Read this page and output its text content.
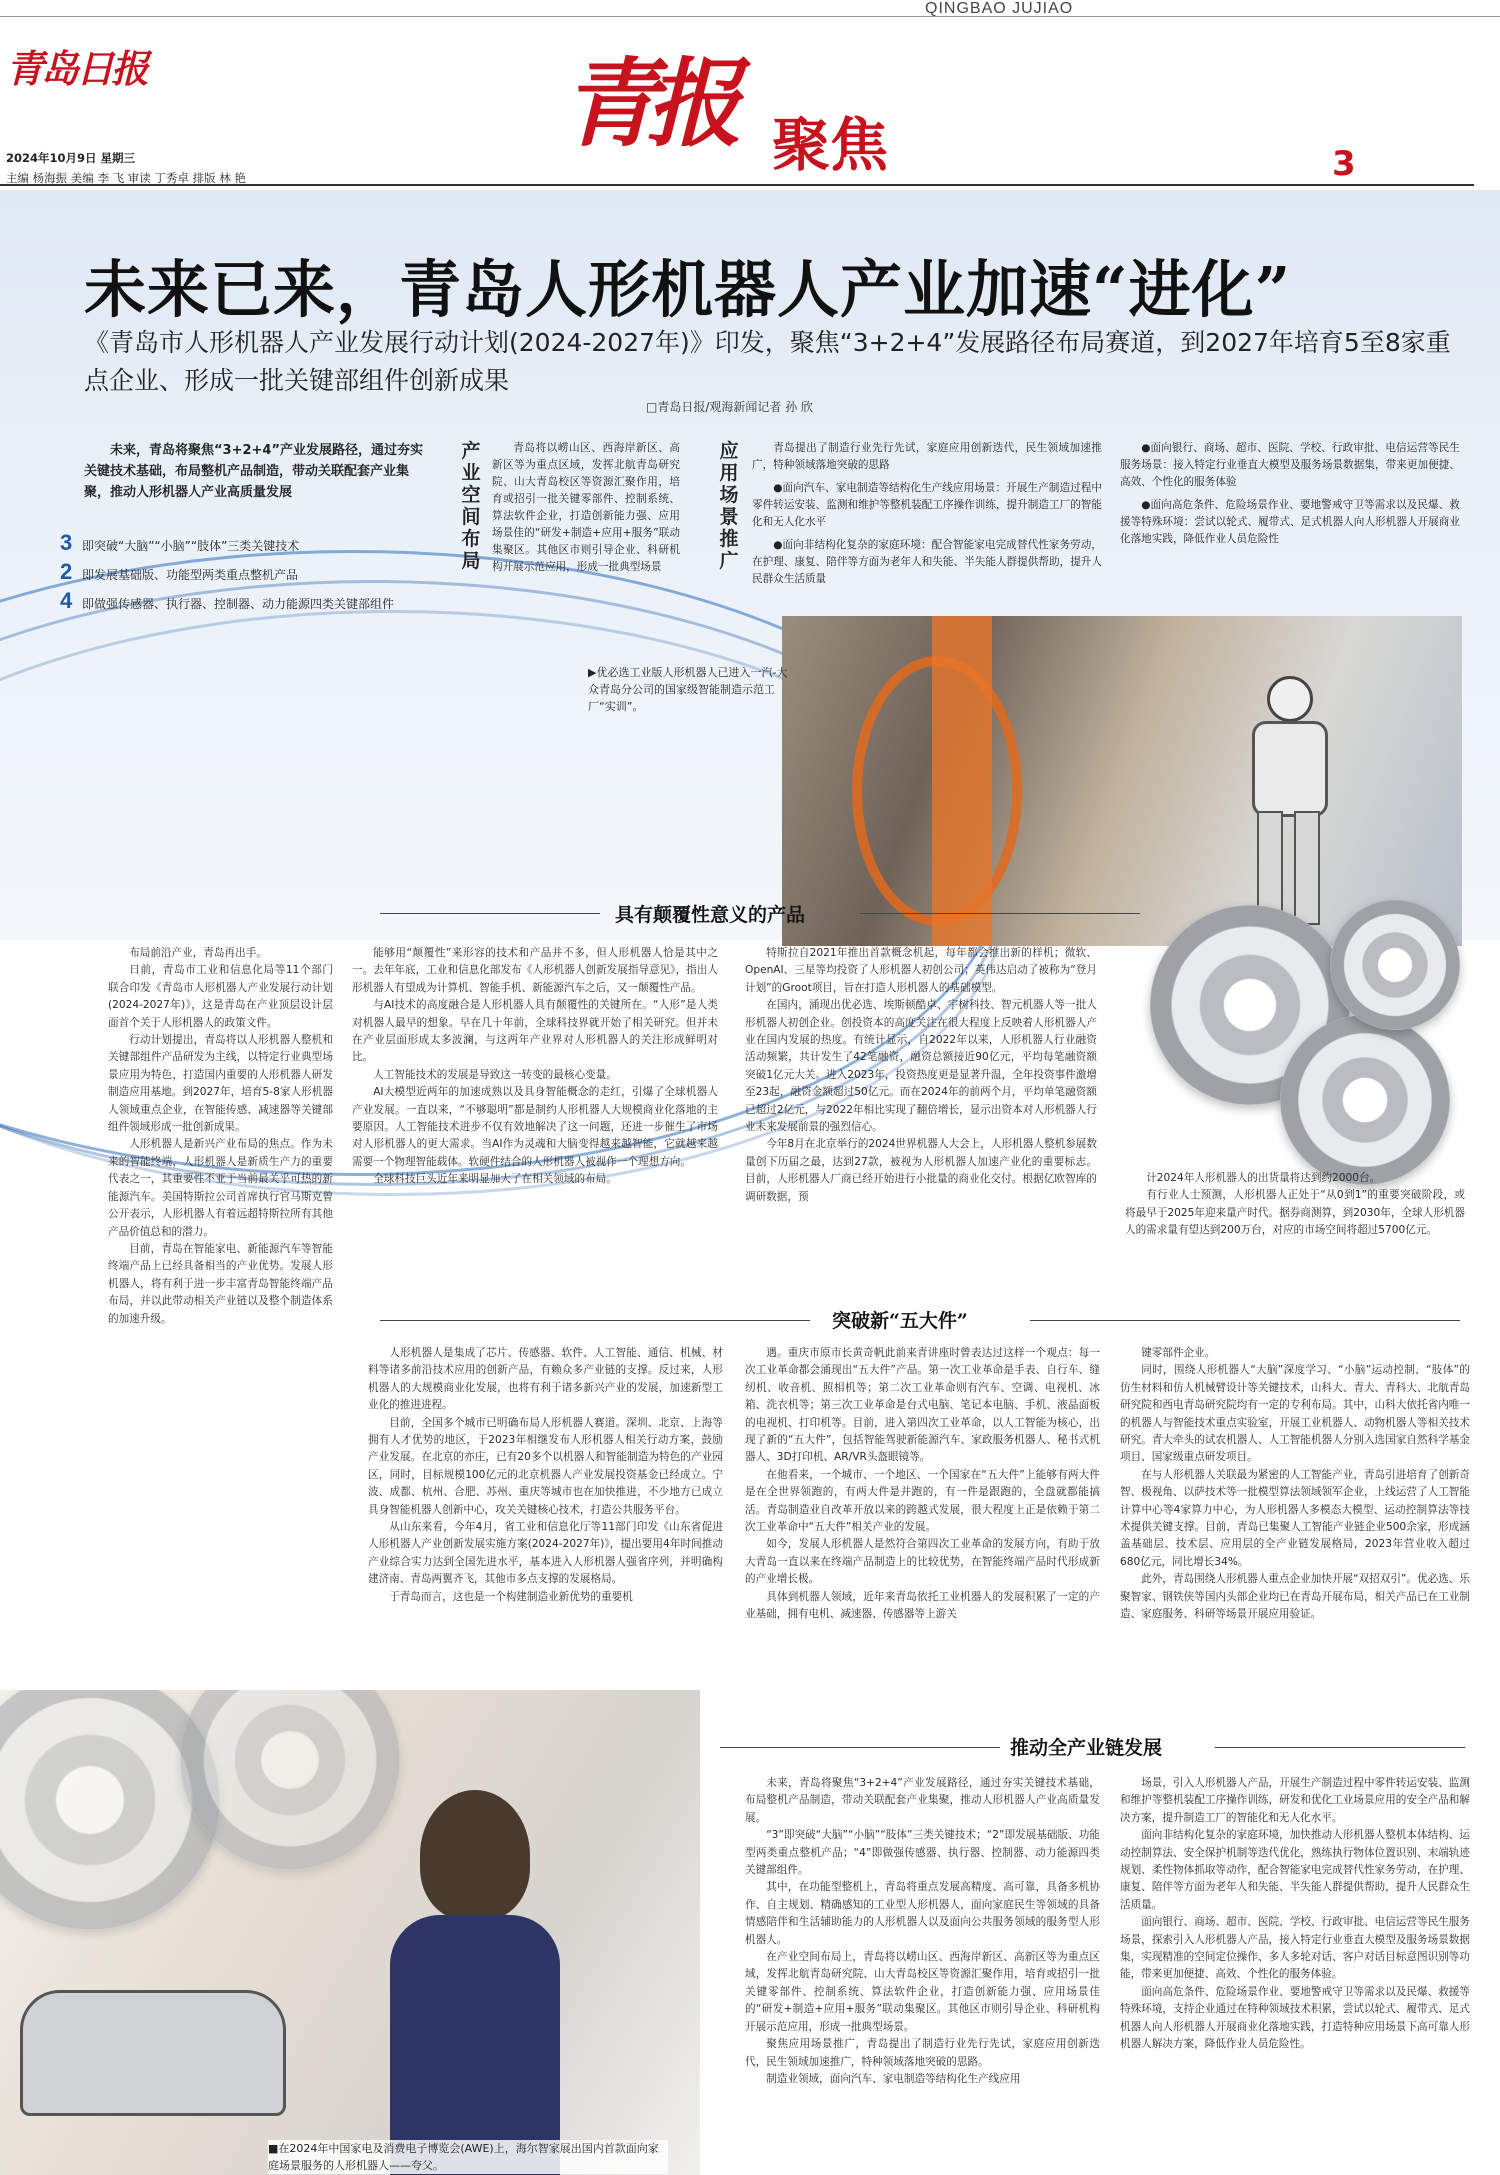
QINGBAO JUJIAO
青岛日报	青报 聚焦
2024年10月9日 星期三
主编 杨海振 美编 李 飞 审读 丁秀卓 排版 林 艳	3
未来已来，青岛人形机器人产业加速“进化”
《青岛市人形机器人产业发展行动计划(2024-2027年)》印发，聚焦“3+2+4”发展路径布局赛道，到2027年培育5至8家重点企业、形成一批关键部组件创新成果
□青岛日报/观海新闻记者 孙 欣
未来，青岛将聚焦“3+2+4”产业发展路径，通过夯实关键技术基础，布局整机产品制造，带动关联配套产业集聚，推动人形机器人产业高质量发展
3 即突破“大脑”“小脑”“肢体”三类关键技术
2 即发展基础版、功能型两类重点整机产品
4 即做强传感器、执行器、控制器、动力能源四类关键部组件
产业空间布局
青岛将以崂山区、西海岸新区、高新区等为重点区域，发挥北航青岛研究院、山大青岛校区等资源汇聚作用，培育或招引一批关键零部件、控制系统、算法软件企业，打造创新能力强、应用场景佳的“研发+制造+应用+服务”联动集聚区。其他区市则引导企业、科研机构开展示范应用，形成一批典型场景
应用场景推广
青岛提出了制造行业先行先试，家庭应用创新迭代，民生领域加速推广，特种领域落地突破的思路
●面向汽车、家电制造等结构化生产线应用场景：开展生产制造过程中零件转运安装、监测和维护等整机装配工序操作训练，提升制造工厂的智能化和无人化水平
●面向非结构化复杂的家庭环境：配合智能家电完成替代性家务劳动，在护理、康复、陪伴等方面为老年人和失能、半失能人群提供帮助，提升人民群众生活质量
●面向银行、商场、超市、医院、学校、行政审批、电信运营等民生服务场景：接入特定行业垂直大模型及服务场景数据集，带来更加便捷、高效、个性化的服务体验
●面向高危条件、危险场景作业、要地警戒守卫等需求以及民爆、救援等特殊环境：尝试以轮式、履带式、足式机器人向人形机器人开展商业化落地实践，降低作业人员危险性
▶优必选工业版人形机器人已进入一汽-大众青岛分公司的国家级智能制造示范工厂“实训”。
具有颠覆性意义的产品

布局前沿产业，青岛再出手。

日前，青岛市工业和信息化局等11个部门联合印发《青岛市人形机器人产业发展行动计划(2024-2027年)》，这是青岛在产业顶层设计层面首个关于人形机器人的政策文件。

行动计划提出，青岛将以人形机器人整机和关键部组件产品研发为主线，以特定行业典型场景应用为特色，打造国内重要的人形机器人研发制造应用基地。到2027年，培育5-8家人形机器人领域重点企业，在智能传感、减速器等关键部组件领域形成一批创新成果。

人形机器人是新兴产业布局的焦点。作为未来的智能终端，人形机器人是新质生产力的重要代表之一，其重要性不亚于当前最关乎可热的新能源汽车。美国特斯拉公司首席执行官马斯克曾公开表示，人形机器人有着远超特斯拉所有其他产品价值总和的潜力。

目前，青岛在智能家电、新能源汽车等智能终端产品上已经具备相当的产业优势。发展人形机器人，将有利于进一步丰富青岛智能终端产品布局，并以此带动相关产业链以及整个制造体系的加速升级。

能够用“颠覆性”来形容的技术和产品并不多，但人形机器人恰是其中之一。去年年底，工业和信息化部发布《人形机器人创新发展指导意见》，指出人形机器人有望成为计算机、智能手机、新能源汽车之后，又一颠覆性产品。

与AI技术的高度融合是人形机器人具有颠覆性的关键所在。“人形”是人类对机器人最早的想象。早在几十年前，全球科技界就开始了相关研究。但并未在产业层面形成太多波澜，与这两年产业界对人形机器人的关注形成鲜明对比。

人工智能技术的发展是导致这一转变的最核心变量。

AI大模型近两年的加速成熟以及具身智能概念的走红，引爆了全球机器人产业发展。一直以来，“不够聪明”都是制约人形机器人大规模商业化落地的主要原因。人工智能技术进步不仅有效地解决了这一问题，还进一步催生了市场对人形机器人的更大需求。当AI作为灵魂和大脑变得越来越智能，它就越来越需要一个物理智能载体。软硬件结合的人形机器人被视作一个理想方向。

全球科技巨头近年来明显加大了在相关领域的布局。

特斯拉自2021年推出首款概念机起，每年都会推出新的样机；微软、OpenAI、三星等均投资了人形机器人初创公司；英伟达启动了被称为“登月计划”的Groot项目，旨在打造人形机器人的基础模型。

在国内，涌现出优必选、埃斯顿酷卓、宇树科技、智元机器人等一批人形机器人初创企业。创投资本的高度关注在很大程度上反映着人形机器人产业在国内发展的热度。有统计显示，自2022年以来，人形机器人行业融资活动频繁，共计发生了42笔融资，融资总额接近90亿元，平均每笔融资额突破1亿元大关。进入2023年，投资热度更是显著升温，全年投资事件激增至23起，融资金额超过50亿元。而在2024年的前两个月，平均单笔融资额已超过2亿元，与2022年相比实现了翻倍增长，显示出资本对人形机器人行业未来发展前景的强烈信心。

今年8月在北京举行的2024世界机器人大会上，人形机器人整机参展数量创下历届之最，达到27款，被视为人形机器人加速产业化的重要标志。目前，人形机器人厂商已经开始进行小批量的商业化交付。根据亿欧智库的调研数据，预

计2024年人形机器人的出货量将达到约2000台。

有行业人士预测，人形机器人正处于“从0到1”的重要突破阶段，或将最早于2025年迎来量产时代。据券商测算，到2030年，全球人形机器人的需求量有望达到200万台，对应的市场空间将超过5700亿元。

突破新“五大件”

人形机器人是集成了芯片、传感器、软件、人工智能、通信、机械、材料等诸多前沿技术应用的创新产品，有赖众多产业链的支撑。反过来，人形机器人的大规模商业化发展，也将有利于诸多新兴产业的发展，加速新型工业化的推进进程。

目前，全国多个城市已明确布局人形机器人赛道。深圳、北京、上海等拥有人才优势的地区，于2023年相继发布人形机器人相关行动方案，鼓励产业发展。在北京的亦庄，已有20多个以机器人和智能制造为特色的产业园区，同时，目标规模100亿元的北京机器人产业发展投资基金已经成立。宁波、成都、杭州、合肥、苏州、重庆等城市也在加快推进，不少地方已成立具身智能机器人创新中心，攻关关键核心技术，打造公共服务平台。

从山东来看，今年4月，省工业和信息化厅等11部门印发《山东省促进人形机器人产业创新发展实施方案(2024-2027年)》，提出要用4年时间推动产业综合实力达到全国先进水平，基本进入人形机器人强省序列，并明确构建济南、青岛两翼齐飞，其他市多点支撑的发展格局。

于青岛而言，这也是一个构建制造业新优势的重要机

遇。重庆市原市长黄奇帆此前来青讲座时曾表达过这样一个观点：每一次工业革命都会涌现出“五大件”产品。第一次工业革命是手表、自行车、缝纫机、收音机、照相机等；第二次工业革命则有汽车、空调、电视机、冰箱、洗衣机等；第三次工业革命是台式电脑、笔记本电脑、手机、液晶面板的电视机、打印机等。目前，进入第四次工业革命，以人工智能为核心，出现了新的“五大件”，包括智能驾驶新能源汽车、家政服务机器人、秘书式机器人、3D打印机、AR/VR头盔眼镜等。

在他看来，一个城市、一个地区、一个国家在“五大件”上能够有两大件是在全世界领跑的，有两大件是并跑的，有一件是跟跑的，全盘就都能搞活。青岛制造业自改革开放以来的跨越式发展，很大程度上正是依赖于第二次工业革命中“五大件”相关产业的发展。

如今，发展人形机器人是然符合第四次工业革命的发展方向，有助于放大青岛一直以来在终端产品制造上的比较优势，在智能终端产品时代形成新的产业增长极。

具体到机器人领域，近年来青岛依托工业机器人的发展积累了一定的产业基础，拥有电机、减速器、传感器等上游关

键零部件企业。

同时，围绕人形机器人“大脑”深度学习、“小脑”运动控制、“肢体”的仿生材料和仿人机械臂设计等关键技术，山科大、青大、青科大、北航青岛研究院和西电青岛研究院均有一定的专利布局。其中，山科大依托省内唯一的机器人与智能技术重点实验室，开展工业机器人、动物机器人等相关技术研究。青大牵头的试农机器人、人工智能机器人分别入选国家自然科学基金项目、国家级重点研发项目。

在与人形机器人关联最为紧密的人工智能产业，青岛引进培育了创新奇智、极视角、以萨技术等一批模型算法领域领军企业，上线运营了人工智能计算中心等4家算力中心，为人形机器人多模态大模型、运动控制算法等技术提供关键支撑。目前，青岛已集聚人工智能产业链企业500余家，形成涵盖基础层、技术层、应用层的全产业链发展格局，2023年营业收入超过680亿元，同比增长34%。

此外，青岛围绕人形机器人重点企业加快开展“双招双引”。优必选、乐聚智家、钢铁侠等国内头部企业均已在青岛开展布局，相关产品已在工业制造、家庭服务、科研等场景开展应用验证。

■在2024年中国家电及消费电子博览会(AWE)上，海尔智家展出国内首款面向家庭场景服务的人形机器人——夸父。
推动全产业链发展

未来，青岛将聚焦“3+2+4”产业发展路径，通过夯实关键技术基础，布局整机产品制造，带动关联配套产业集聚，推动人形机器人产业高质量发展。

“3”即突破“大脑”“小脑”“肢体”三类关键技术；“2”即发展基础版、功能型两类重点整机产品；“4”即做强传感器、执行器、控制器、动力能源四类关键部组件。

其中，在功能型整机上，青岛将重点发展高精度、高可靠，具备多机协作、自主规划、精确感知的工业型人形机器人，面向家庭民生等领域的具备情感陪伴和生活辅助能力的人形机器人以及面向公共服务领域的服务型人形机器人。

在产业空间布局上，青岛将以崂山区、西海岸新区、高新区等为重点区域，发挥北航青岛研究院、山大青岛校区等资源汇聚作用，培育或招引一批关键零部件、控制系统、算法软件企业，打造创新能力强、应用场景佳的“研发+制造+应用+服务”联动集聚区。其他区市则引导企业、科研机构开展示范应用，形成一批典型场景。

聚焦应用场景推广，青岛提出了制造行业先行先试，家庭应用创新迭代，民生领域加速推广，特种领域落地突破的思路。

制造业领域，面向汽车、家电制造等结构化生产线应用

场景，引入人形机器人产品，开展生产制造过程中零件转运安装、监测和维护等整机装配工序操作训练，研发和优化工业场景应用的安全产品和解决方案，提升制造工厂的智能化和无人化水平。

面向非结构化复杂的家庭环境，加快推动人形机器人整机本体结构、运动控制算法、安全保护机制等迭代优化，熟练执行物体位置识别、末端轨迹规划、柔性物体抓取等动作，配合智能家电完成替代性家务劳动，在护理、康复、陪伴等方面为老年人和失能、半失能人群提供帮助，提升人民群众生活质量。

面向银行、商场、超市、医院、学校、行政审批、电信运营等民生服务场景，探索引入人形机器人产品，接入特定行业垂直大模型及服务场景数据集，实现精准的空间定位操作、多人多轮对话、客户对话目标意图识别等功能，带来更加便捷、高效、个性化的服务体验。

面向高危条件、危险场景作业、要地警戒守卫等需求以及民爆、救援等特殊环境，支持企业通过在特种领域技术积累，尝试以轮式、履带式、足式机器人向人形机器人开展商业化落地实践，打造特种应用场景下高可靠人形机器人解决方案，降低作业人员危险性。
